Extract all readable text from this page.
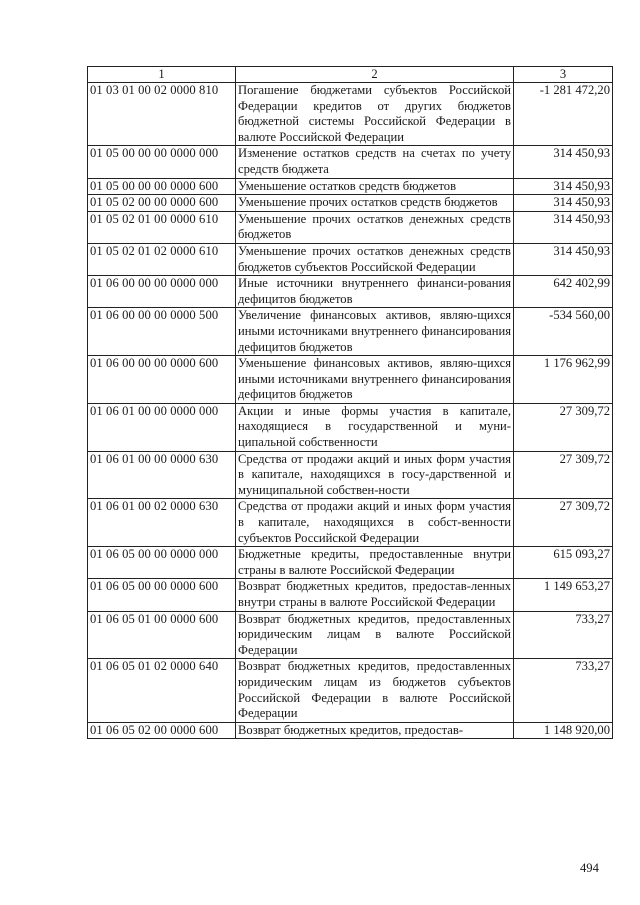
1	2	3
01 03 01 00 02 0000 810	Погашение бюджетами субъектов Российской Федерации кредитов от других бюджетов бюджетной системы Российской Федерации в валюте Российской Федерации	-1 281 472,20
01 05 00 00 00 0000 000	Изменение остатков средств на счетах по учету средств бюджета	314 450,93
01 05 00 00 00 0000 600	Уменьшение остатков средств бюджетов	314 450,93
01 05 02 00 00 0000 600	Уменьшение прочих остатков средств бюджетов	314 450,93
01 05 02 01 00 0000 610	Уменьшение прочих остатков денежных средств бюджетов	314 450,93
01 05 02 01 02 0000 610	Уменьшение прочих остатков денежных средств бюджетов субъектов Российской Федерации	314 450,93
01 06 00 00 00 0000 000	Иные источники внутреннего финанси-рования дефицитов бюджетов	642 402,99
01 06 00 00 00 0000 500	Увеличение финансовых активов, являю-щихся иными источниками внутреннего финансирования дефицитов бюджетов	-534 560,00
01 06 00 00 00 0000 600	Уменьшение финансовых активов, являю-щихся иными источниками внутреннего финансирования дефицитов бюджетов	1 176 962,99
01 06 01 00 00 0000 000	Акции и иные формы участия в капитале, находящиеся в государственной и муни-ципальной собственности	27 309,72
01 06 01 00 00 0000 630	Средства от продажи акций и иных форм участия в капитале, находящихся в госу-дарственной и муниципальной собствен-ности	27 309,72
01 06 01 00 02 0000 630	Средства от продажи акций и иных форм участия в капитале, находящихся в собст-венности субъектов Российской Федерации	27 309,72
01 06 05 00 00 0000 000	Бюджетные кредиты, предоставленные внутри страны в валюте Российской Федерации	615 093,27
01 06 05 00 00 0000 600	Возврат бюджетных кредитов, предостав-ленных внутри страны в валюте Российской Федерации	1 149 653,27
01 06 05 01 00 0000 600	Возврат бюджетных кредитов, предоставленных юридическим лицам в валюте Российской Федерации	733,27
01 06 05 01 02 0000 640	Возврат бюджетных кредитов, предоставленных юридическим лицам из бюджетов субъектов Российской Федерации в валюте Российской Федерации	733,27
01 06 05 02 00 0000 600	Возврат бюджетных кредитов, предостав-	1 148 920,00
494
